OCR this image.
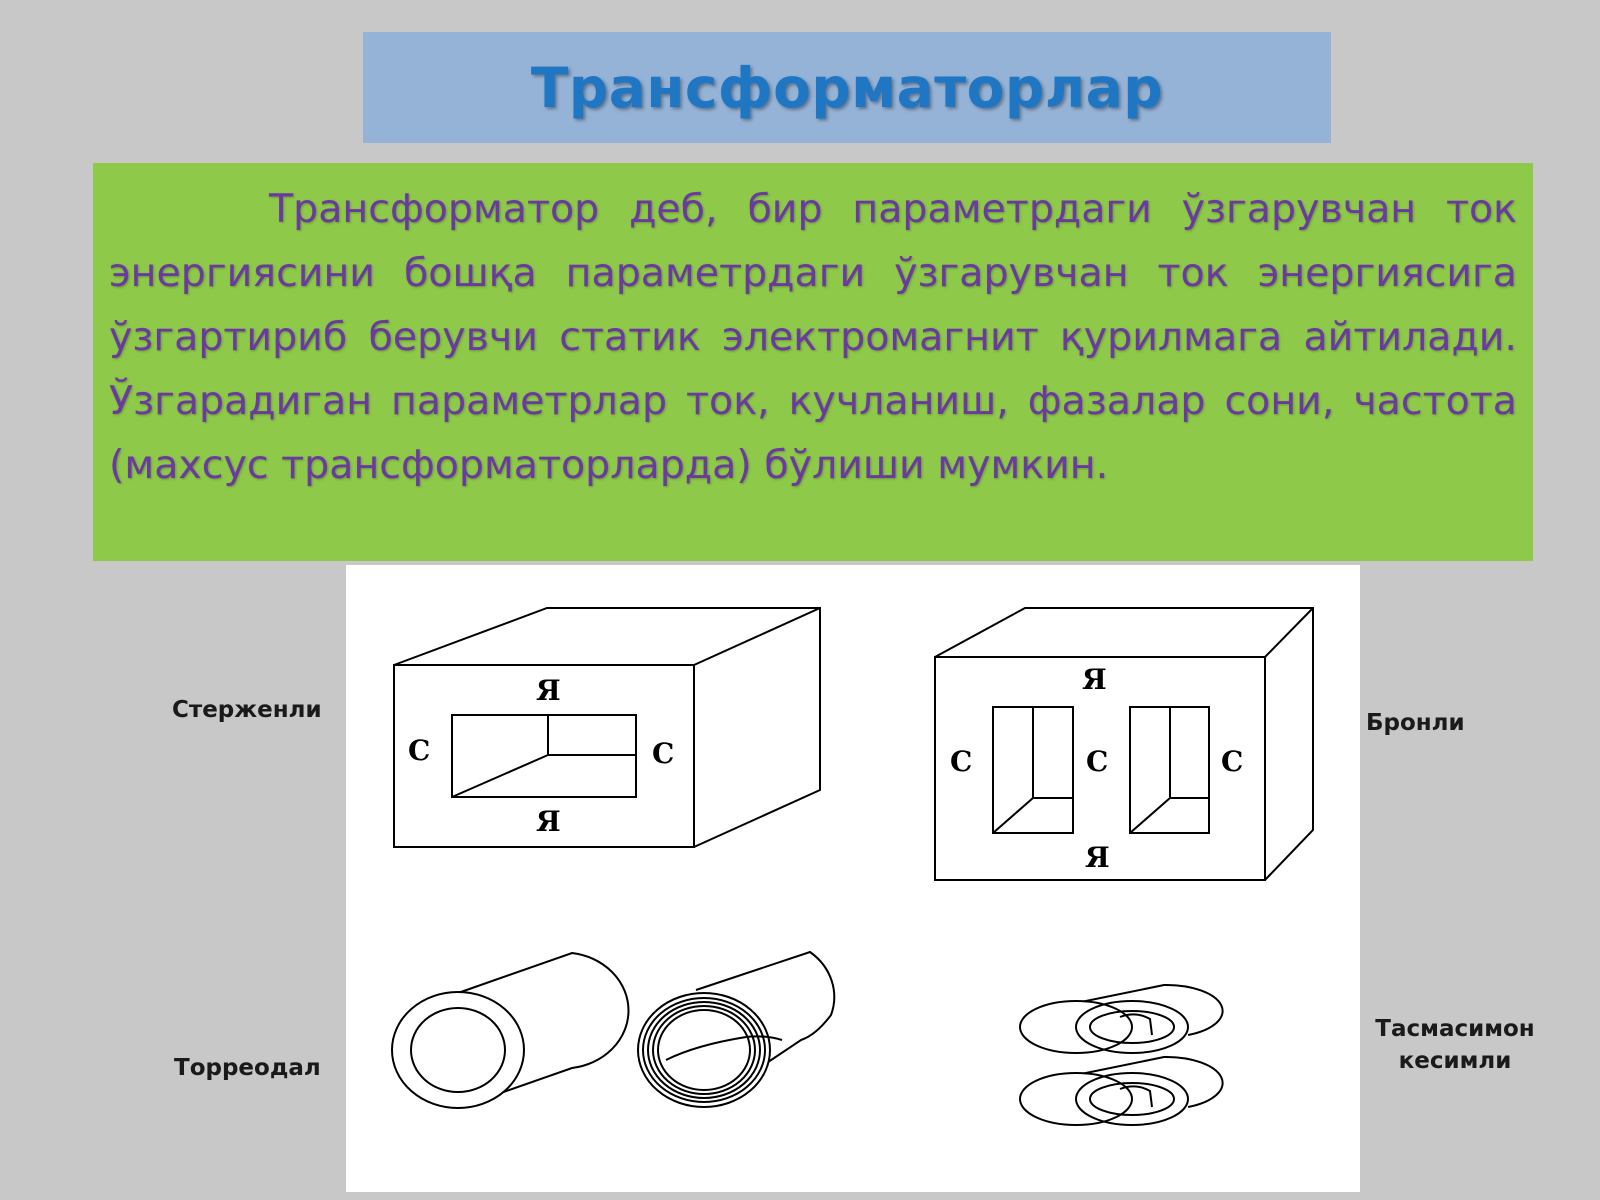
Трансформаторлар

Трансформатор деб, бир параметрдаги ўзгарувчан ток энергиясини бошқа параметрдаги ўзгарувчан ток энергиясига ўзгартириб берувчи статик электромагнит қурилмага айтилади. Ўзгарадиган параметрлар ток, кучланиш, фазалар сони, частота (махсус трансформаторларда) бўлиши мумкин.

Я
Я
С	С
Я
Я
С	С	С
Стерженли	Бронли
Торреодал
Тасмасимон кесимли
